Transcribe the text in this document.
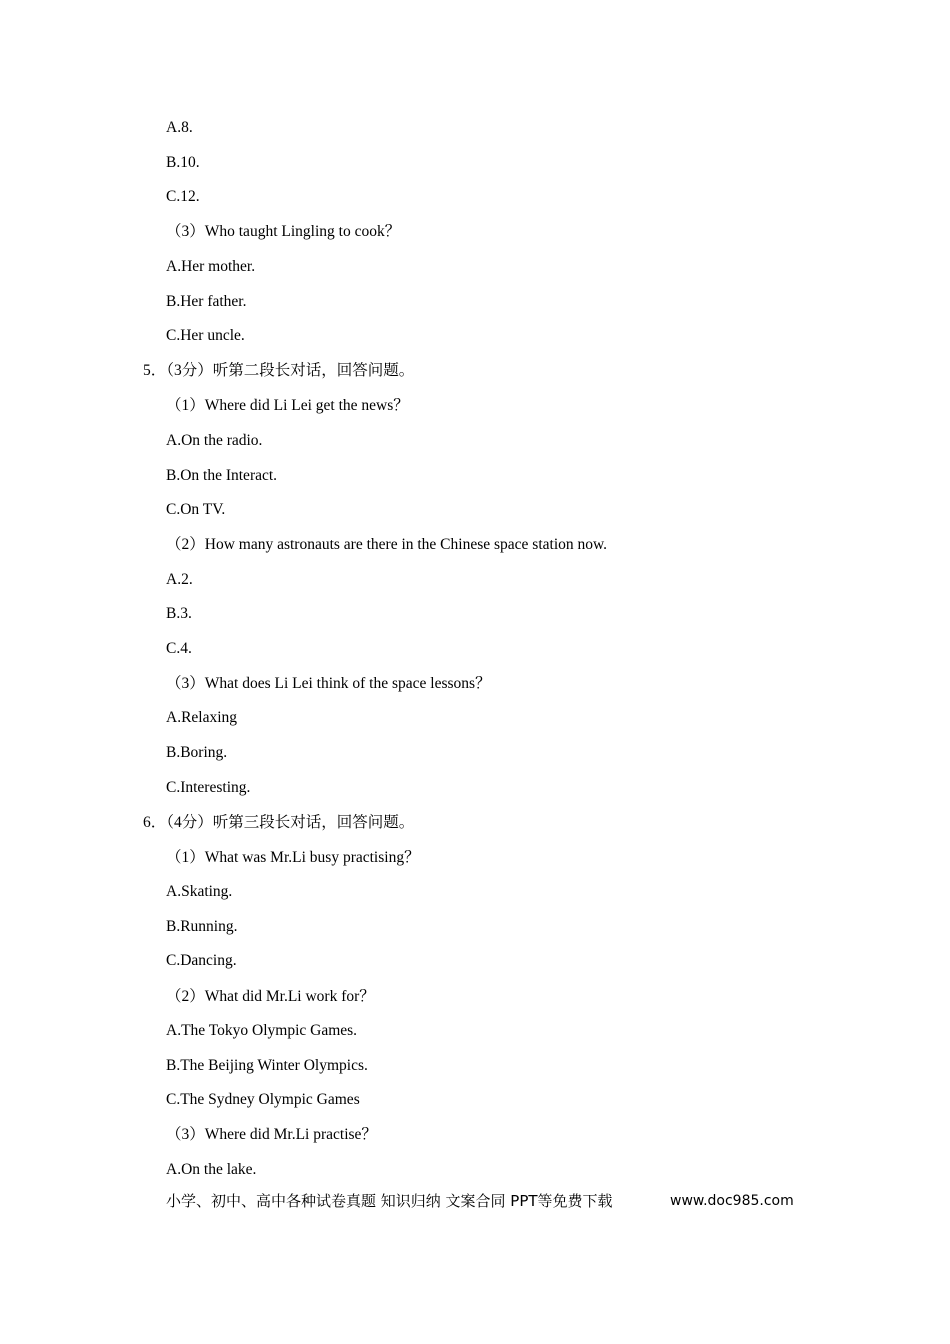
A.8.
B.10.
C.12.
（3）Who taught Lingling to cook？
A.Her mother.
B.Her father.
C.Her uncle.
5．（3分）听第二段长对话，回答问题。
（1）Where did Li Lei get the news？
A.On the radio.
B.On the Interact.
C.On TV.
（2）How many astronauts are there in the Chinese space station now.
A.2.
B.3.
C.4.
（3）What does Li Lei think of the space lessons？
A.Relaxing
B.Boring.
C.Interesting.
6．（4分）听第三段长对话，回答问题。
（1）What was Mr.Li busy practising？
A.Skating.
B.Running.
C.Dancing.
（2）What did Mr.Li work for？
A.The Tokyo Olympic Games.
B.The Beijing Winter Olympics.
C.The Sydney Olympic Games
（3）Where did Mr.Li practise？
A.On the lake.
小学、初中、高中各种试卷真题 知识归纳 文案合同 PPT等免费下载	www.doc985.com
